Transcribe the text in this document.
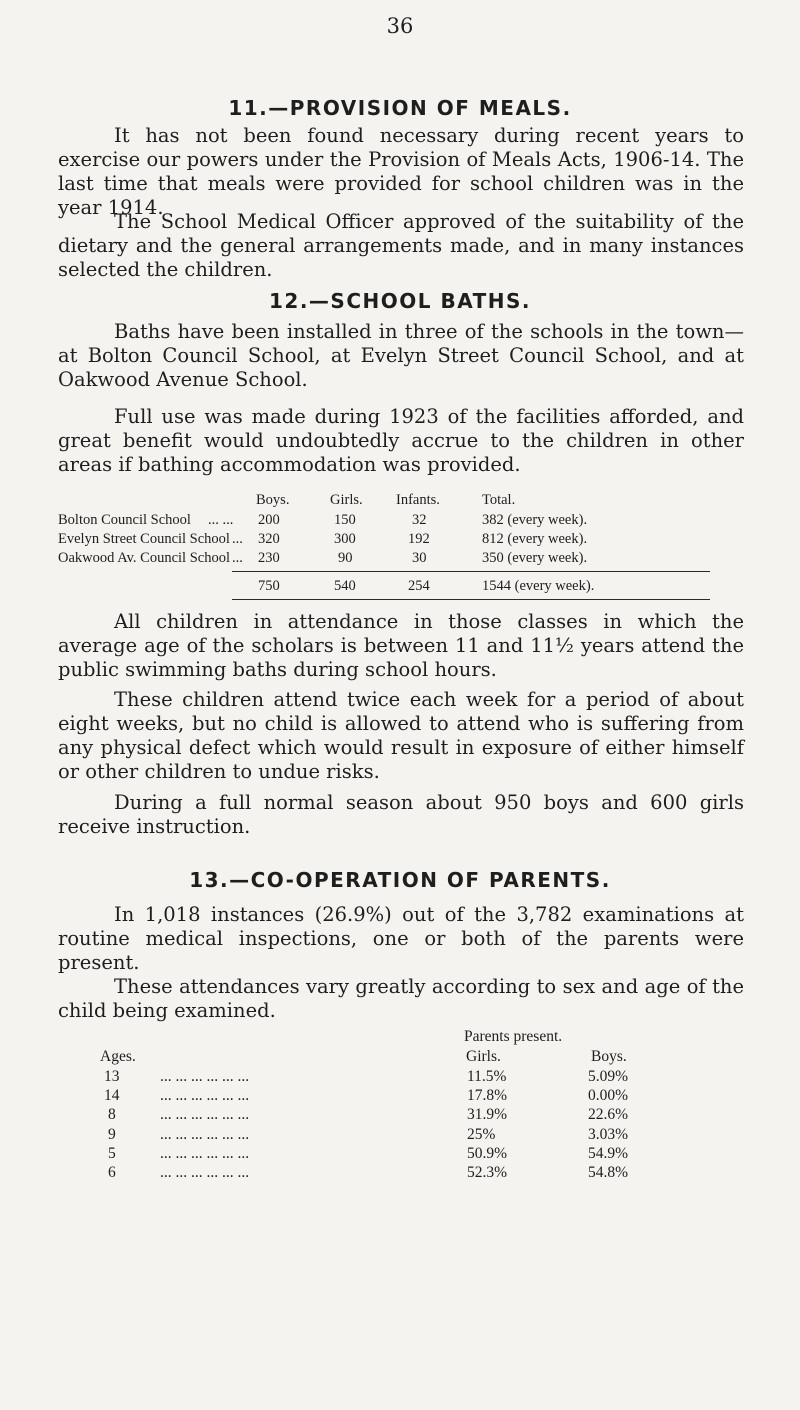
36
11.—PROVISION OF MEALS.
It has not been found necessary during recent years to exercise our powers under the Provision of Meals Acts, 1906-14. The last time that meals were provided for school children was in the year 1914.
The School Medical Officer approved of the suitability of the dietary and the general arrangements made, and in many instances selected the children.
12.—SCHOOL BATHS.
Baths have been installed in three of the schools in the town—at Bolton Council School, at Evelyn Street Council School, and at Oakwood Avenue School.
Full use was made during 1923 of the facilities afforded, and great benefit would undoubtedly accrue to the children in other areas if bathing accommodation was provided.
Boys.	Girls. Infants.	Total.
Bolton Council School ... ... 200	150	32	382 (every week).
Evelyn Street Council School ... 320	300	192	812 (every week).
Oakwood Av. Council School ... 230	90	30	350 (every week).
750	540	254	1544 (every week).
All children in attendance in those classes in which the average age of the scholars is between 11 and 11½ years attend the public swimming baths during school hours.
These children attend twice each week for a period of about eight weeks, but no child is allowed to attend who is suffering from any physical defect which would result in exposure of either himself or other children to undue risks.
During a full normal season about 950 boys and 600 girls receive instruction.
13.—CO-OPERATION OF PARENTS.
In 1,018 instances (26.9%) out of the 3,782 examinations at routine medical inspections, one or both of the parents were present.
These attendances vary greatly according to sex and age of the child being examined.
Parents present.
Ages.	Girls.	Boys.
13	... ... ... ... ... ...	11.5%	5.09%
14	... ... ... ... ... ...	17.8%	0.00%
8	... ... ... ... ... ...	31.9%	22.6%
9	... ... ... ... ... ...	25%	3.03%
5	... ... ... ... ... ...	50.9%	54.9%
6	... ... ... ... ... ...	52.3%	54.8%
